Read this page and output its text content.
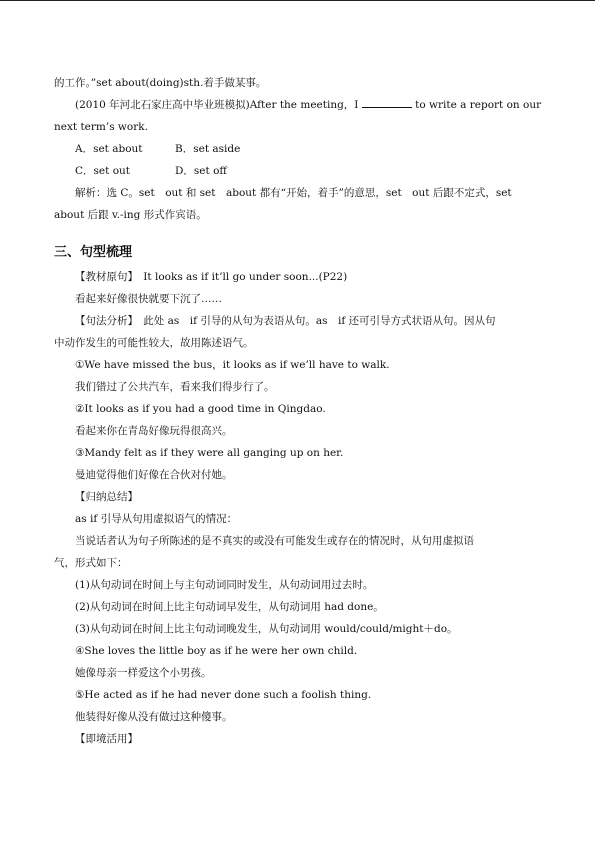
的工作。”set about(doing)sth.着手做某事。
(2010 年河北石家庄高中毕业班模拟)After the meeting，I	to write a report on our
next term’s work.
A．set about	B．set aside
C．set out	D．set off
解析：选 C。set　out 和 set　about 都有“开始，着手”的意思，set　out 后跟不定式，set
about 后跟 v.-ing 形式作宾语。
三、句型梳理
【教材原句】　It looks as if it’ll go under soon...(P22)
看起来好像很快就要下沉了……
【句法分析】　此处 as　if 引导的从句为表语从句。as　if 还可引导方式状语从句。因从句
中动作发生的可能性较大，故用陈述语气。
①We have missed the bus，it looks as if we’ll have to walk.
我们错过了公共汽车，看来我们得步行了。
②It looks as if you had a good time in Qingdao.
看起来你在青岛好像玩得很高兴。
③Mandy felt as if they were all ganging up on her.
曼迪觉得他们好像在合伙对付她。
【归纳总结】
as if 引导从句用虚拟语气的情况：
当说话者认为句子所陈述的是不真实的或没有可能发生或存在的情况时，从句用虚拟语
气，形式如下：
(1)从句动词在时间上与主句动词同时发生，从句动词用过去时。
(2)从句动词在时间上比主句动词早发生，从句动词用 had done。
(3)从句动词在时间上比主句动词晚发生，从句动词用 would/could/might＋do。
④She loves the little boy as if he were her own child.
她像母亲一样爱这个小男孩。
⑤He acted as if he had never done such a foolish thing.
他装得好像从没有做过这种傻事。
【即境活用】
